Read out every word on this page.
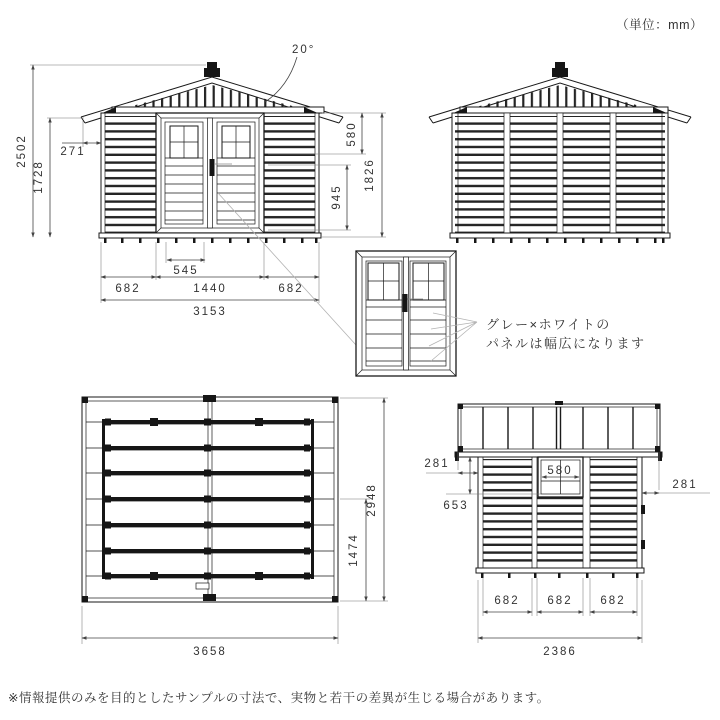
2502
1728
271
580
945
545
682	1440	682
3153
20°
1826
グレー×ホワイトの
パネルは幅広になります
2948
1474
3658
281
653
281
580
682 682 682
2386
（単位：mm）
※情報提供のみを目的としたサンプルの寸法で、実物と若干の差異が生じる場合があります。
